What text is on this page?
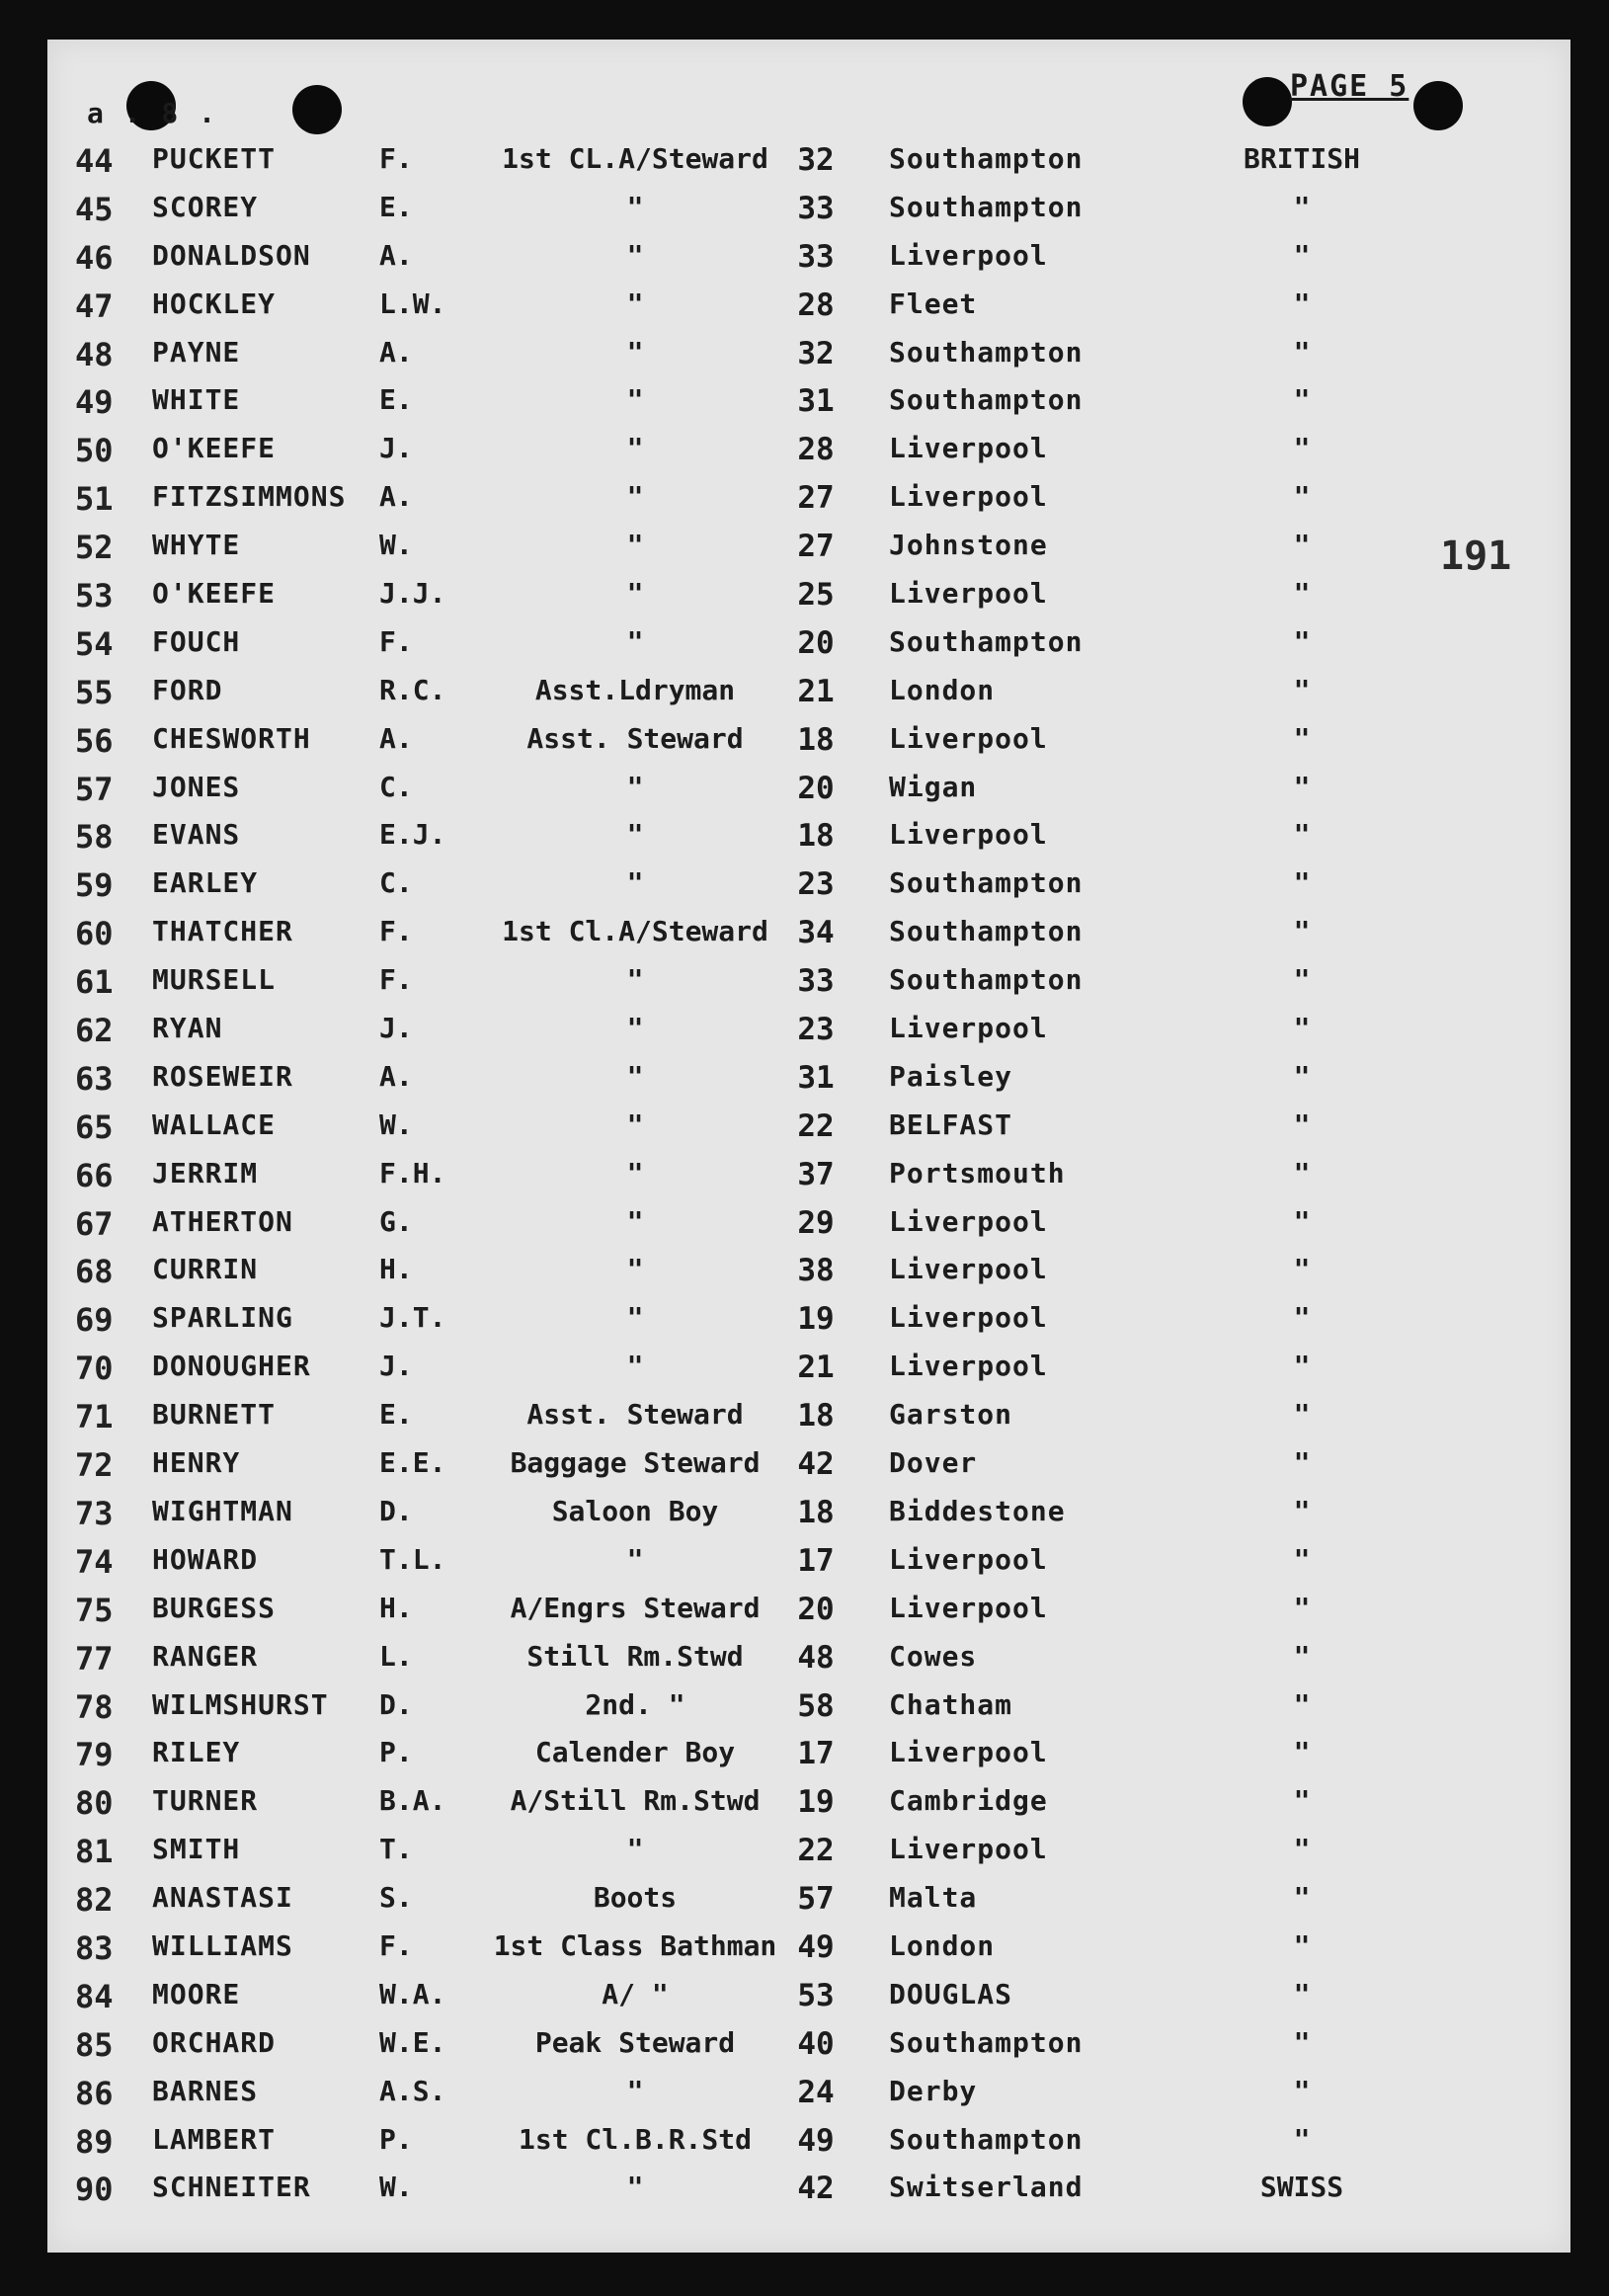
a . 8 .
PAGE 5
191
44 PUCKETT	F.	1st CL.A/Steward 32	Southampton	BRITISH
45 SCOREY	E.	"	33	Southampton	"
46 DONALDSON A.	"	33	Liverpool	"
47 HOCKLEY	L.W.	"	28	Fleet	"
48 PAYNE	A.	"	32	Southampton	"
49 WHITE	E.	"	31	Southampton	"
50 O'KEEFE	J.	"	28	Liverpool	"
51 FITZSIMMONS A.	"	27	Liverpool	"
52 WHYTE	W.	"	27	Johnstone	"
53 O'KEEFE	J.J.	"	25	Liverpool	"
54 FOUCH	F.	"	20	Southampton	"
55 FORD	R.C.	Asst.Ldryman	21	London	"
56 CHESWORTH A.	Asst. Steward	18	Liverpool	"
57 JONES	C.	"	20	Wigan	"
58 EVANS	E.J.	"	18	Liverpool	"
59 EARLEY	C.	"	23	Southampton	"
60 THATCHER	F.	1st Cl.A/Steward 34	Southampton	"
61 MURSELL	F.	"	33	Southampton	"
62 RYAN	J.	"	23	Liverpool	"
63 ROSEWEIR	A.	"	31	Paisley	"
65 WALLACE	W.	"	22	BELFAST	"
66 JERRIM	F.H.	"	37	Portsmouth	"
67 ATHERTON	G.	"	29	Liverpool	"
68 CURRIN	H.	"	38	Liverpool	"
69 SPARLING	J.T.	"	19	Liverpool	"
70 DONOUGHER J.	"	21	Liverpool	"
71 BURNETT	E.	Asst. Steward	18	Garston	"
72 HENRY	E.E.	Baggage Steward	42	Dover	"
73 WIGHTMAN	D.	Saloon Boy	18	Biddestone	"
74 HOWARD	T.L.	"	17	Liverpool	"
75 BURGESS	H.	A/Engrs Steward	20	Liverpool	"
77 RANGER	L.	Still Rm.Stwd	48	Cowes	"
78 WILMSHURST D.	2nd. "	58	Chatham	"
79 RILEY	P.	Calender Boy	17	Liverpool	"
80 TURNER	B.A.	A/Still Rm.Stwd	19	Cambridge	"
81 SMITH	T.	"	22	Liverpool	"
82 ANASTASI	S.	Boots	57	Malta	"
83 WILLIAMS	F.	1st Class Bathman 49	London	"
84 MOORE	W.A.	A/ "	53	DOUGLAS	"
85 ORCHARD	W.E.	Peak Steward	40	Southampton	"
86 BARNES	A.S.	"	24	Derby	"
89 LAMBERT	P.	1st Cl.B.R.Std	49	Southampton	"
90 SCHNEITER W.	"	42	Switserland	SWISS
